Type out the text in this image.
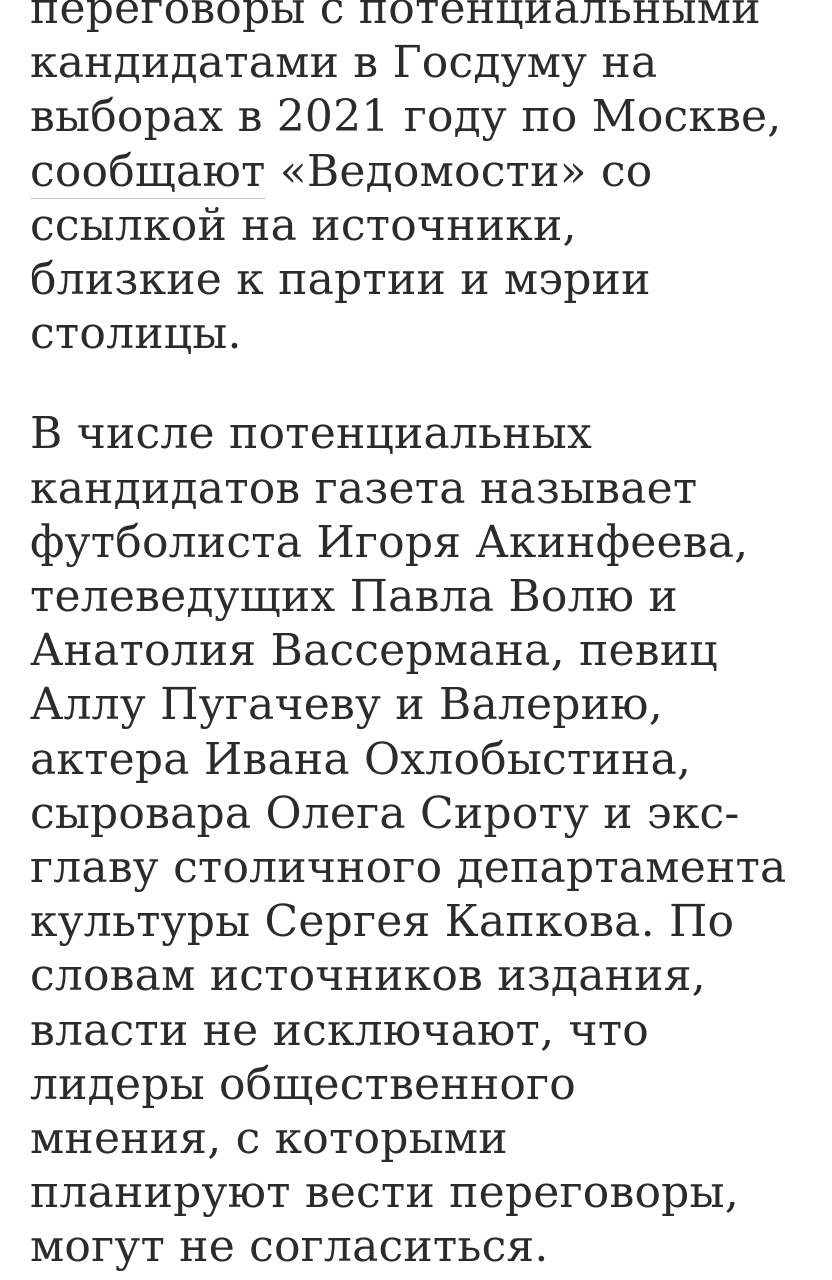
переговоры с потенциальными
кандидатами в Госдуму на
выборах в 2021 году по Москве,
сообщают «Ведомости» со
ссылкой на источники,
близкие к партии и мэрии
столицы.

В числе потенциальных
кандидатов газета называет
футболиста Игоря Акинфеева,
телеведущих Павла Волю и
Анатолия Вассермана, певиц
Аллу Пугачеву и Валерию,
актера Ивана Охлобыстина,
сыровара Олега Сироту и экс-
главу столичного департамента
культуры Сергея Капкова. По
словам источников издания,
власти не исключают, что
лидеры общественного
мнения, с которыми
планируют вести переговоры,
могут не согласиться.
